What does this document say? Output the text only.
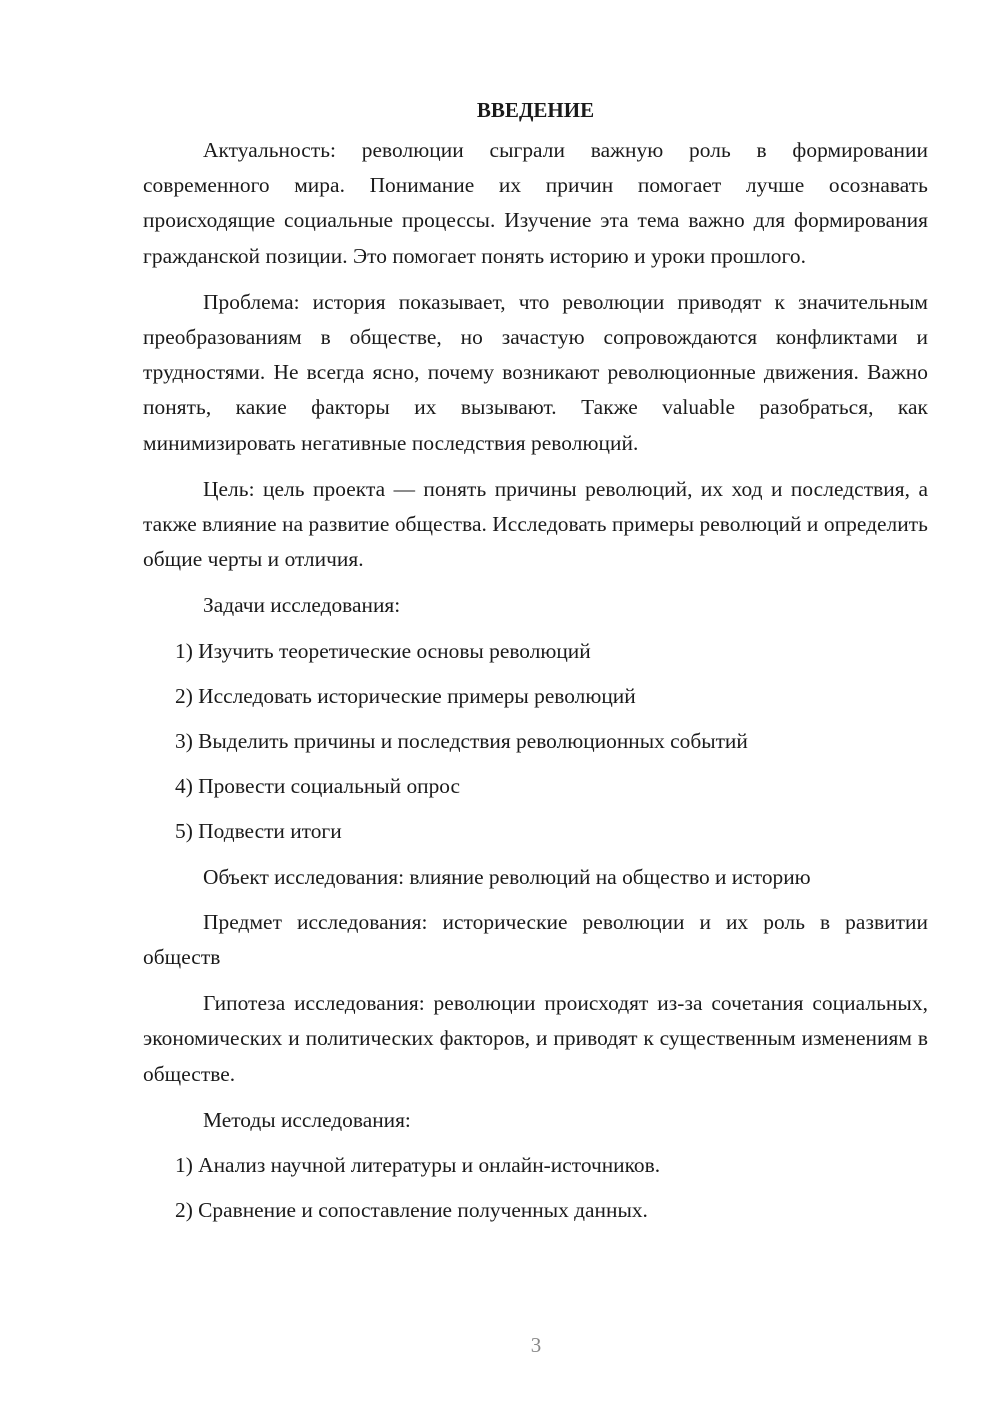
ВВЕДЕНИЕ

Актуальность: революции сыграли важную роль в формировании современного мира. Понимание их причин помогает лучше осознавать происходящие социальные процессы. Изучение эта тема важно для формирования гражданской позиции. Это помогает понять историю и уроки прошлого.

Проблема: история показывает, что революции приводят к значительным преобразованиям в обществе, но зачастую сопровождаются конфликтами и трудностями. Не всегда ясно, почему возникают революционные движения. Важно понять, какие факторы их вызывают. Также valuable разобраться, как минимизировать негативные последствия революций.

Цель: цель проекта — понять причины революций, их ход и последствия, а также влияние на развитие общества. Исследовать примеры революций и определить общие черты и отличия.

Задачи исследования:

1) Изучить теоретические основы революций
2) Исследовать исторические примеры революций
3) Выделить причины и последствия революционных событий
4) Провести социальный опрос
5) Подвести итоги

Объект исследования: влияние революций на общество и историю

Предмет исследования: исторические революции и их роль в развитии обществ

Гипотеза исследования: революции происходят из-за сочетания социальных, экономических и политических факторов, и приводят к существенным изменениям в обществе.

Методы исследования:

1) Анализ научной литературы и онлайн-источников.
2) Сравнение и сопоставление полученных данных.
3
